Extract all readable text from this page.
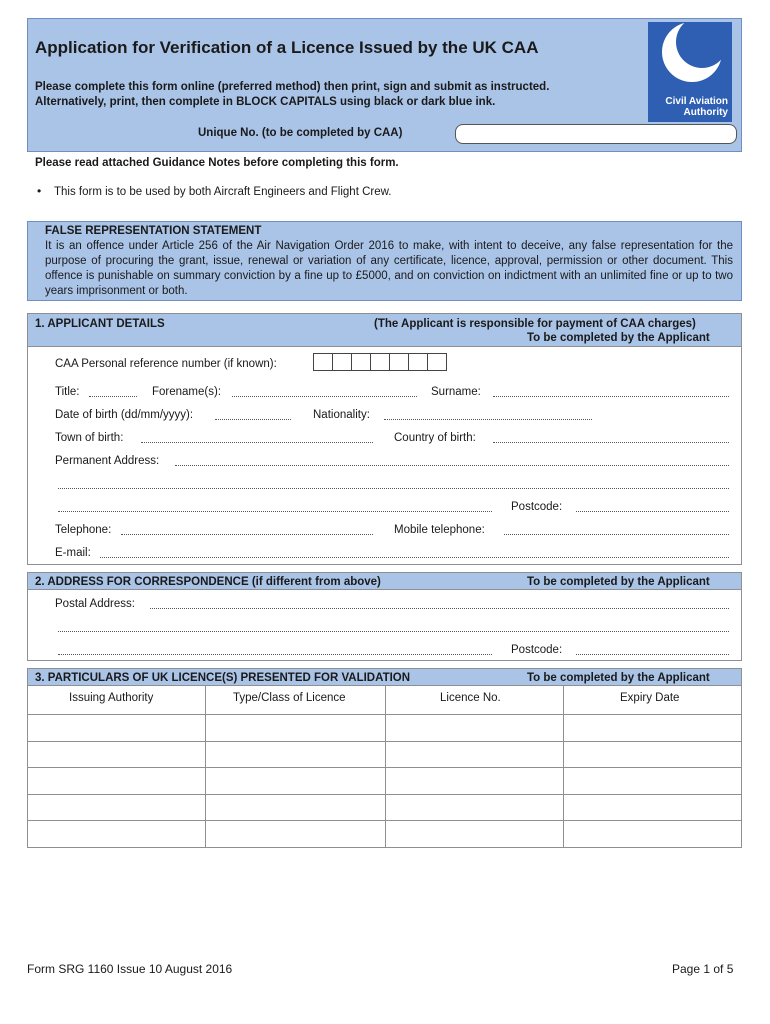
Application for Verification of a Licence Issued by the UK CAA
Please complete this form online (preferred method) then print, sign and submit as instructed.
Alternatively, print, then complete in BLOCK CAPITALS using black or dark blue ink.
Unique No. (to be completed by CAA)
Civil Aviation
Authority
Please read attached Guidance Notes before completing this form.
• This form is to be used by both Aircraft Engineers and Flight Crew.
FALSE REPRESENTATION STATEMENT
It is an offence under Article 256 of the Air Navigation Order 2016 to make, with intent to deceive, any false representation for the purpose of procuring the grant, issue, renewal or variation of any certificate, licence, approval, permission or other document. This offence is punishable on summary conviction by a fine up to £5000, and on conviction on indictment with an unlimited fine or up to two years imprisonment or both.
1. APPLICANT DETAILS	(The Applicant is responsible for payment of CAA charges)
To be completed by the Applicant
CAA Personal reference number (if known):
Title:	Forename(s):	Surname:
Date of birth (dd/mm/yyyy):	Nationality:
Town of birth:	Country of birth:
Permanent Address:
Postcode:
Telephone:	Mobile telephone:
E-mail:
2. ADDRESS FOR CORRESPONDENCE (if different from above)	To be completed by the Applicant
Postal Address:
Postcode:
3. PARTICULARS OF UK LICENCE(S) PRESENTED FOR VALIDATION	To be completed by the Applicant
Issuing Authority	Type/Class of Licence	Licence No.	Expiry Date
Form SRG 1160 Issue 10 August 2016	Page 1 of 5
